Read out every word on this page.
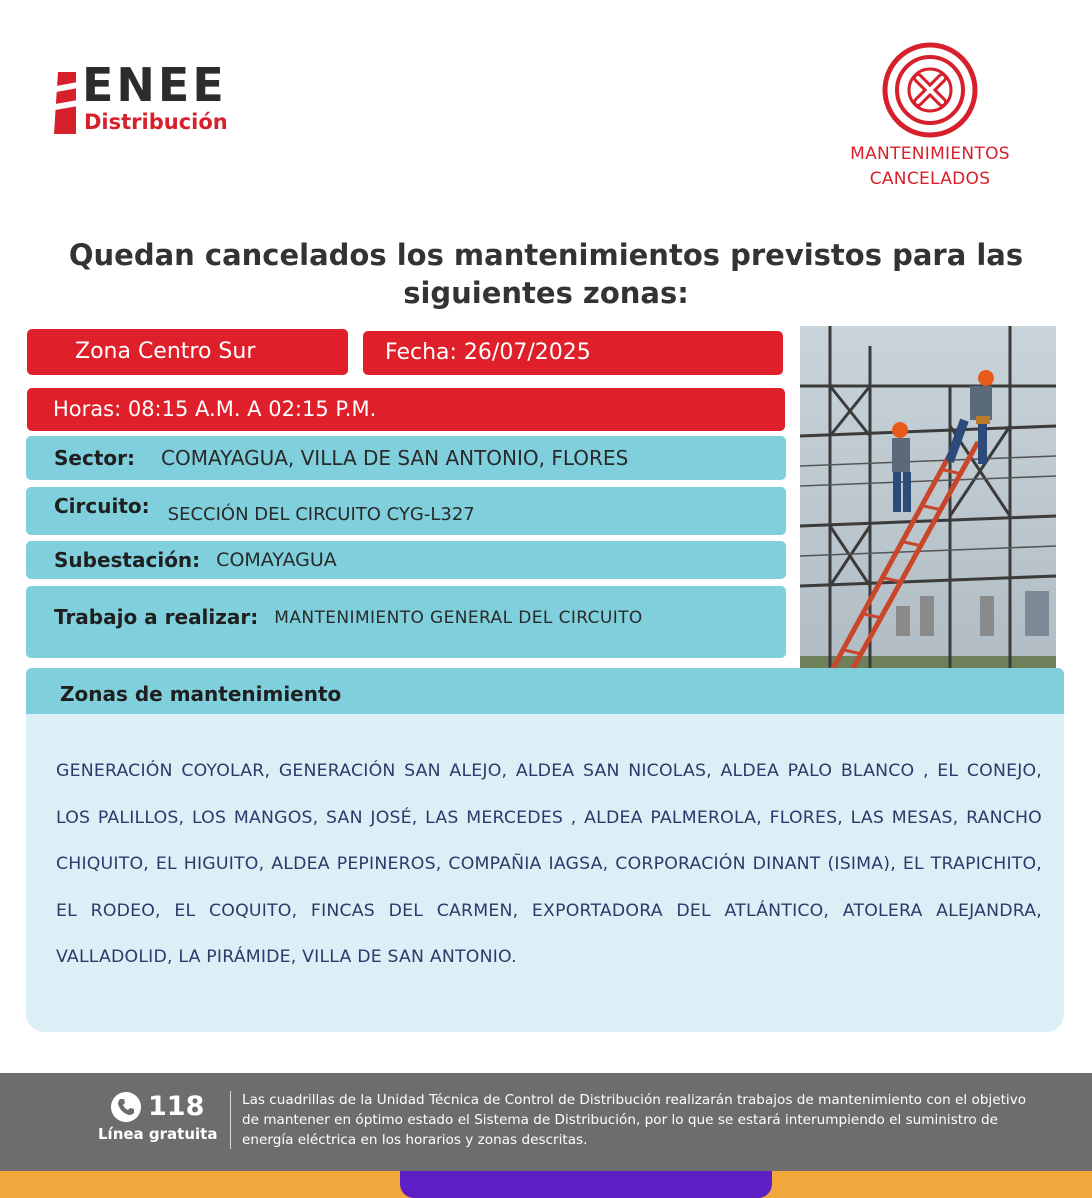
ENEE
Distribución
MANTENIMIENTOS
CANCELADOS
Quedan cancelados los mantenimientos previstos para las siguientes zonas:
Zona Centro Sur	Fecha: 26/07/2025
Horas: 08:15 A.M. A 02:15 P.M.
Sector: COMAYAGUA, VILLA DE SAN ANTONIO, FLORES
Circuito: SECCIÓN DEL CIRCUITO CYG-L327
Subestación: COMAYAGUA
Trabajo a realizar: MANTENIMIENTO GENERAL DEL CIRCUITO
Zonas de mantenimiento
GENERACIÓN COYOLAR, GENERACIÓN SAN ALEJO, ALDEA SAN NICOLAS, ALDEA PALO BLANCO , EL CONEJO, LOS PALILLOS, LOS MANGOS, SAN JOSÉ, LAS MERCEDES , ALDEA PALMEROLA, FLORES, LAS MESAS, RANCHO CHIQUITO, EL HIGUITO, ALDEA PEPINEROS, COMPAÑIA IAGSA, CORPORACIÓN DINANT (ISIMA), EL TRAPICHITO, EL RODEO, EL COQUITO, FINCAS DEL CARMEN, EXPORTADORA DEL ATLÁNTICO, ATOLERA ALEJANDRA, VALLADOLID, LA PIRÁMIDE, VILLA DE SAN ANTONIO.
118
Línea gratuita
Las cuadrillas de la Unidad Técnica de Control de Distribución realizarán trabajos de mantenimiento con el objetivo de mantener en óptimo estado el Sistema de Distribución, por lo que se estará interumpiendo el suministro de energía eléctrica en los horarios y zonas descritas.
